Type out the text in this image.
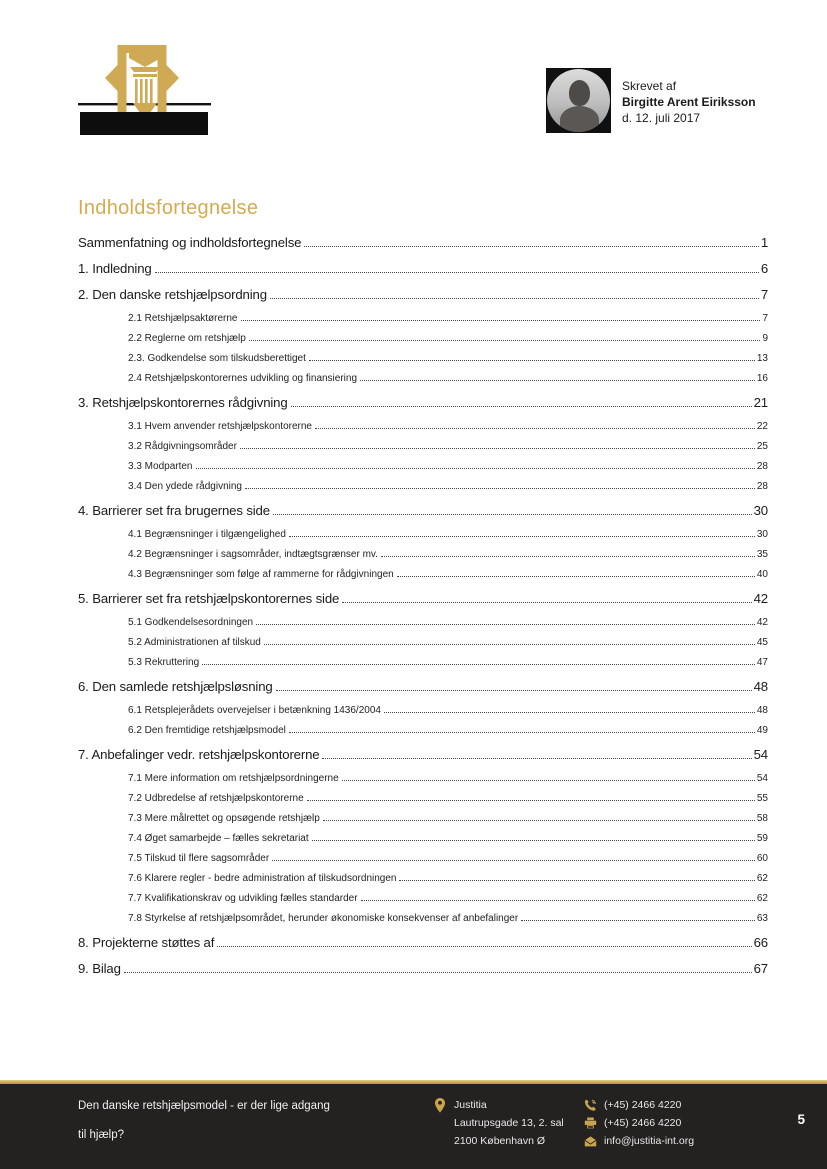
Skrevet af
Birgitte Arent Eiriksson
d. 12. juli 2017
Indholdsfortegnelse
Sammenfatning og indholdsfortegnelse	1
1. Indledning	6
2. Den danske retshjælpsordning	7
2.1 Retshjælpsaktørerne	7
2.2 Reglerne om retshjælp	9
2.3. Godkendelse som tilskudsberettiget	13
2.4 Retshjælpskontorernes udvikling og finansiering	16
3. Retshjælpskontorernes rådgivning	21
3.1 Hvem anvender retshjælpskontorerne	22
3.2 Rådgivningsområder	25
3.3 Modparten	28
3.4 Den ydede rådgivning	28
4. Barrierer set fra brugernes side	30
4.1 Begrænsninger i tilgængelighed	30
4.2 Begrænsninger i sagsområder, indtægtsgrænser mv.	35
4.3 Begrænsninger som følge af rammerne for rådgivningen	40
5. Barrierer set fra retshjælpskontorernes side	42
5.1 Godkendelsesordningen	42
5.2 Administrationen af tilskud	45
5.3 Rekruttering	47
6. Den samlede retshjælpsløsning	48
6.1 Retsplejerådets overvejelser i betænkning 1436/2004	48
6.2 Den fremtidige retshjælpsmodel	49
7. Anbefalinger vedr. retshjælpskontorerne	54
7.1 Mere information om retshjælpsordningerne	54
7.2 Udbredelse af retshjælpskontorerne	55
7.3 Mere målrettet og opsøgende retshjælp	58
7.4 Øget samarbejde – fælles sekretariat	59
7.5 Tilskud til flere sagsområder	60
7.6 Klarere regler - bedre administration af tilskudsordningen	62
7.7 Kvalifikationskrav og udvikling fælles standarder	62
7.8 Styrkelse af retshjælpsområdet, herunder økonomiske konsekvenser af anbefalinger	63
8. Projekterne støttes af	66
9. Bilag	67
Den danske retshjælpsmodel - er der lige adgang
til hjælp?
Justitia
Lautrupsgade 13, 2. sal
2100 København Ø
(+45) 2466 4220
(+45) 2466 4220
info@justitia-int.org
5
